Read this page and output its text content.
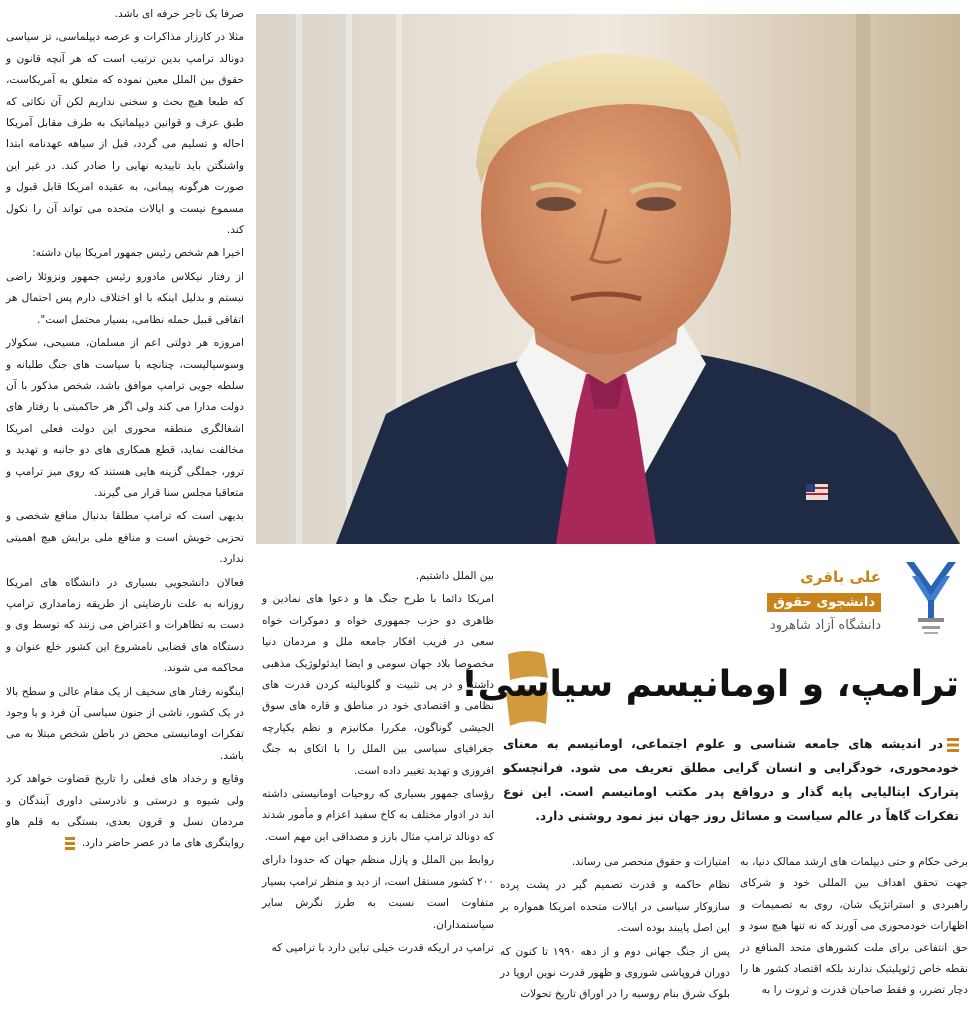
صرفا یک تاجر حرفه ای باشد.

مثلا در کارزار مذاکرات و عرصه دیپلماسی، تز سیاسی دونالد ترامپ بدین ترتیب است که هر آنچه قانون و حقوق بین الملل معین نموده که متعلق به آمریکاست، که طبعا هیچ بحث و سخنی نداریم لکن آن نکاتی که طبق عرف و قوانین دیپلماتیک به طرف مقابل آمریکا احاله و تسلیم می گردد، قبل از سیاهه عهدنامه ابتدا واشنگتن باید تاییدیه نهایی را صادر کند. در غیر این صورت هرگونه پیمانی، به عقیده امریکا قابل قبول و مسموع نیست و ایالات متحده می تواند آن را نکول کند.

اخیرا هم شخص رئیس جمهور امریکا بیان داشته:

از رفتار نیکلاس مادورو رئیس جمهور ونزوئلا راضی نیستم و بدلیل اینکه با او اختلاف دارم پس احتمال هر اتفاقی قبیل حمله نظامی، بسیار محتمل است".

امروزه هر دولتی اعم از مسلمان، مسیحی، سکولار وسوسیالیست، چنانچه با سیاست های جنگ طلبانه و سلطه جویی ترامپ موافق باشد، شخص مذکور با آن دولت مدارا می کند ولی اگر هر حاکمیتی با رفتار های اشغالگری منطقه محوری این دولت فعلی امریکا مخالفت نماید، قطع همکاری های دو جانبه و تهدید و ترور، جملگی گزینه هایی هستند که روی میز ترامپ و متعاقبا مجلس سنا قرار می گیرند.

بدیهی است که ترامپ مطلقا بدنبال منافع شخصی و تحزبی خویش است و منافع ملی برایش هیچ اهمیتی ندارد.

فعالان دانشجویی بسیاری در دانشگاه های امریکا روزانه به علت نارضایتی از طریقه زمامداری ترامپ دست به تظاهرات و اعتراض می زنند که توسط وی و دستگاه های قضایی نامشروع این کشور خلع عنوان و محاکمه می شوند.

اینگونه رفتار های سخیف از یک مقام عالی و سطح بالا در یک کشور، ناشی از جنون سیاسی آن فرد و یا وجود تفکرات اومانیستی محض در باطن شخص مبتلا به می باشد.

وقایع و رخداد های فعلی را تاریخ قضاوت خواهد کرد ولی شیوه و درستی و نادرستی داوری آیندگان و مردمان نسل و قرون بعدی، بستگی به قلم هاو روایتگری های ما در عصر حاضر دارد.

بین الملل داشتیم.

امریکا دائما با طرح جنگ ها و دعوا های نمادین و ظاهری دو حزب جمهوری خواه و دموکرات خواه سعی در فریب افکار جامعه ملل و مردمان دنیا مخصوصا بلاد جهان سومی و ایضا ایدئولوژیک مذهبی داشته و در پی تثبیت و گلوبالیته کردن قدرت های نظامی و اقتصادی خود در مناطق و قاره های سوق الجیشی گوناگون، مکررا مکانیزم و نظم یکپارچه جغرافیای سیاسی بین الملل را با اتکای به جنگ افروزی و تهدید تغییر داده است.

رؤسای جمهور بسیاری که روحیات اومانیستی داشته اند در ادوار مختلف به کاخ سفید اعزام و مأمور شدند که دونالد ترامپ مثال بارز و مصداقی این مهم است.

روابط بین الملل و پازل منظم جهان که حدودا دارای ۲۰۰ کشور مستقل است، از دید و منظر ترامپ بسیار متفاوت است نسبت به طرز نگرش سایر سیاستمداران.

ترامپ در اریکه قدرت خیلی تباین دارد با ترامپی که

علی باقری
دانشجوی حقوق
دانشگاه آزاد شاهرود
ترامپ، و اومانیسم سیاسی!
در اندیشه های جامعه شناسی و علوم اجتماعی، اومانیسم به معنای خودمحوری، خودگرایی و انسان گرایی مطلق تعریف می شود. فرانچسکو پترارک ایتالیایی پایه گذار و درواقع پدر مکتب اومانیسم است. این نوع تفکرات گاهاً در عالم سیاست و مسائل روز جهان نیز نمود روشنی دارد.

برخی حکام و حتی دیپلمات های ارشد ممالک دنیا، به جهت تحقق اهداف بین المللی خود و شرکای راهبردی و استراتژیک شان، روی به تصمیمات و اظهارات خودمحوری می آورند که نه تنها هیچ سود و حق انتفاعی برای ملت کشورهای متحد المنافع در نقطه خاص ژئوپلیتیک ندارند بلکه اقتصاد کشور ها را دچار تضرر، و فقط صاحبان قدرت و ثروت را به

امتیازات و حقوق منحصر می رساند.

نظام حاکمه و قدرت تصمیم گیر در پشت پرده سازوکار سیاسی در ایالات متحده امریکا همواره بر این اصل پایبند بوده است.

پس از جنگ جهانی دوم و از دهه ۱۹۹۰ تا کنون که دوران فروپاشی شوروی و ظهور قدرت نوین اروپا در بلوک شرق بنام روسیه را در اوراق تاریخ تحولات
